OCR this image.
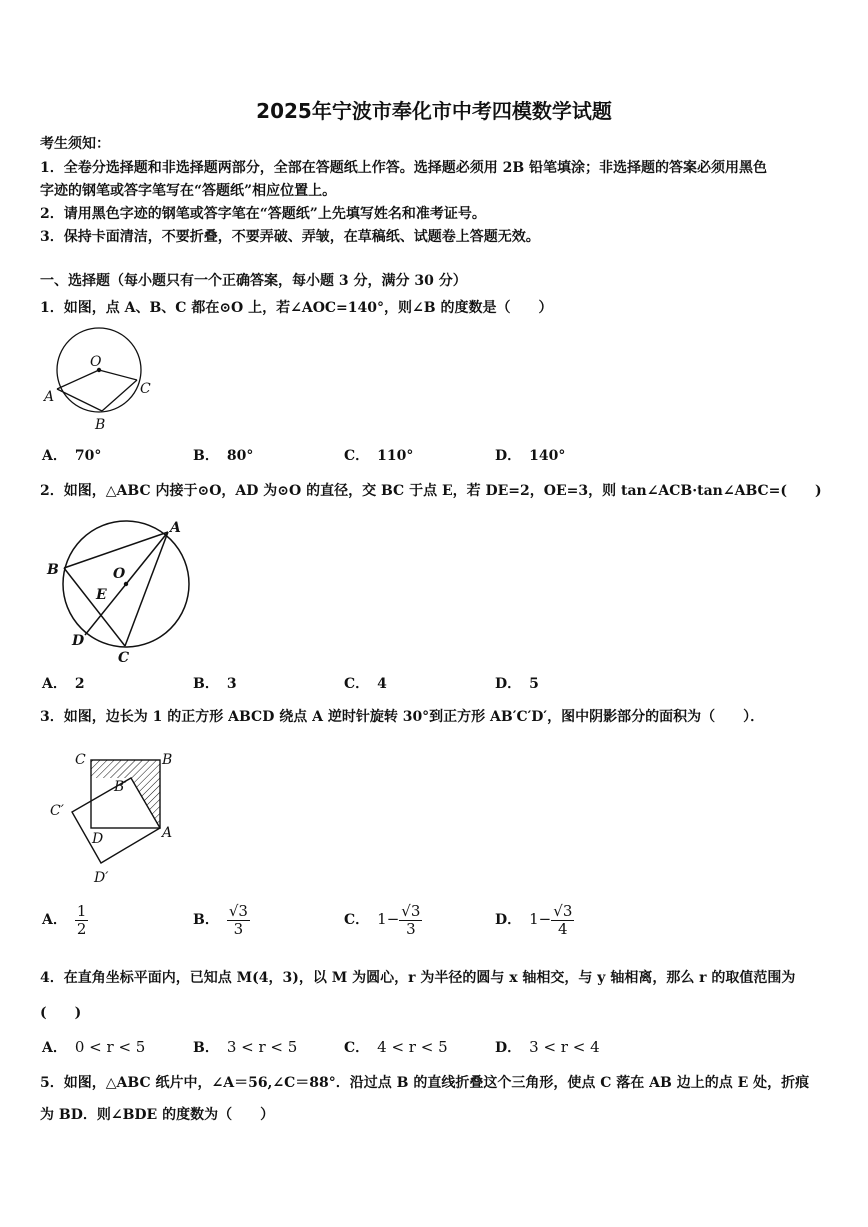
2025年宁波市奉化市中考四模数学试题
考生须知：
1．全卷分选择题和非选择题两部分，全部在答题纸上作答。选择题必须用 2B 铅笔填涂；非选择题的答案必须用黑色
字迹的钢笔或答字笔写在“答题纸”相应位置上。
2．请用黑色字迹的钢笔或答字笔在“答题纸”上先填写姓名和准考证号。
3．保持卡面清洁，不要折叠，不要弄破、弄皱，在草稿纸、试题卷上答题无效。
一、选择题（每小题只有一个正确答案，每小题 3 分，满分 30 分）
1．如图，点 A、B、C 都在⊙O 上，若∠AOC=140°，则∠B 的度数是（　　）
O
A	C
B
A． 70°	B． 80°	C． 110°	D． 140°
2．如图，△ABC 内接于⊙O，AD 为⊙O 的直径，交 BC 于点 E，若 DE=2，OE=3，则 tan∠ACB·tan∠ABC=(　　)
A
B	O
E
D
C
A． 2	B． 3	C． 4	D． 5
3．如图，边长为 1 的正方形 ABCD 绕点 A 逆时针旋转 30°到正方形 AB′C′D′，图中阴影部分的面积为（　　）．
C	B
B′
C′
D	A
D′
A． $\frac{1}{2}$	B． $\frac{√3}{3}$	C． $1- \frac{√3}{3}$	D． $1- \frac{√3}{4}$
4．在直角坐标平面内，已知点 M(4，3)，以 M 为圆心，r 为半径的圆与 x 轴相交，与 y 轴相离，那么 r 的取值范围为
(　　)
A． 0 < r < 5	B． 3 < r < 5	C． 4 < r < 5	D． 3 < r < 4
5．如图，△ABC 纸片中，∠A＝56,∠C＝88°．沿过点 B 的直线折叠这个三角形，使点 C 落在 AB 边上的点 E 处，折痕
为 BD．则∠BDE 的度数为（　　）
